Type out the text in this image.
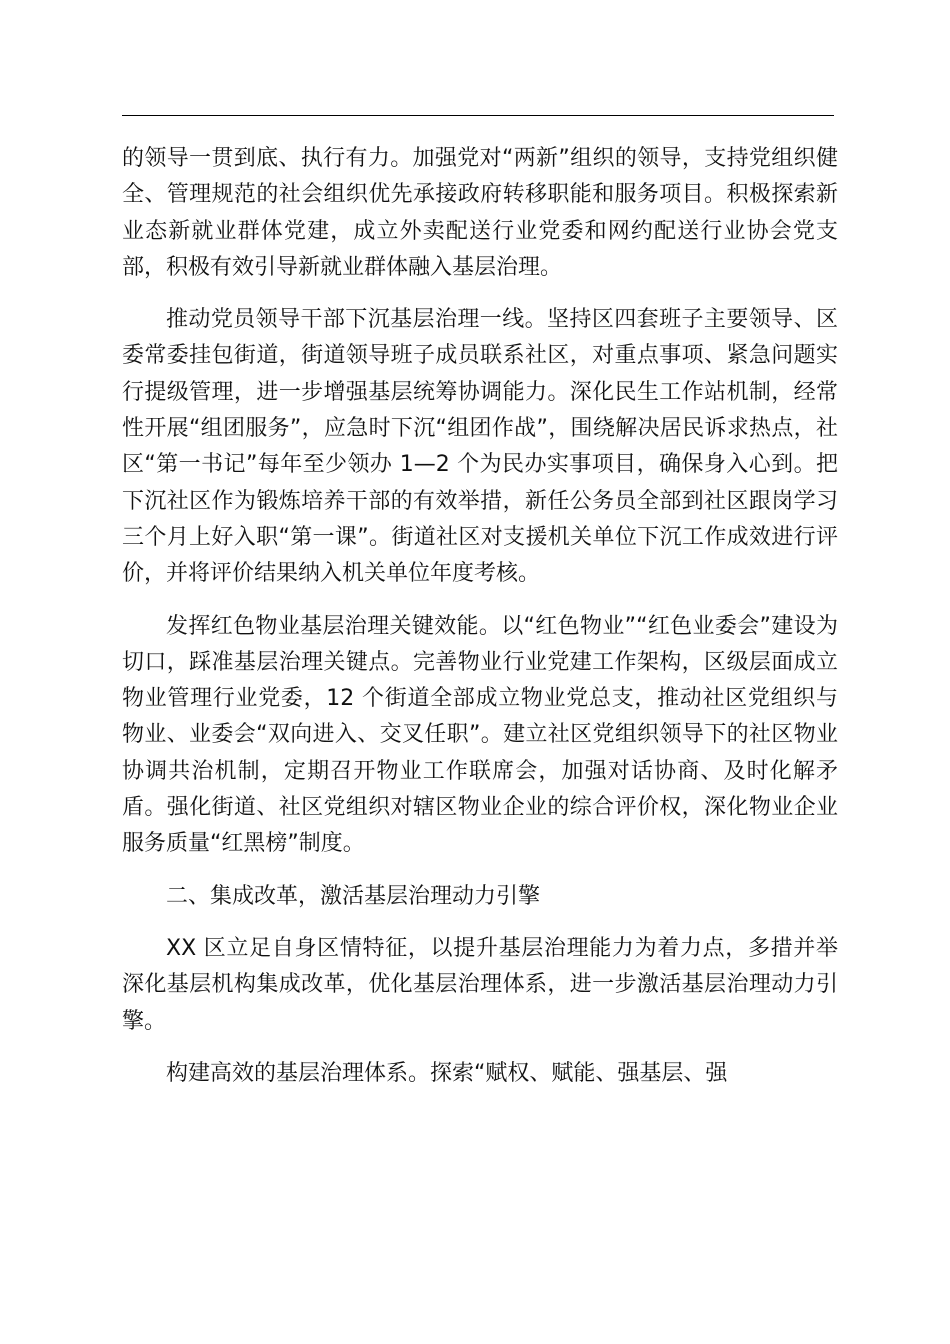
的领导一贯到底、执行有力。加强党对“两新”组织的领导，支持党组织健全、管理规范的社会组织优先承接政府转移职能和服务项目。积极探索新业态新就业群体党建，成立外卖配送行业党委和网约配送行业协会党支部，积极有效引导新就业群体融入基层治理。

推动党员领导干部下沉基层治理一线。坚持区四套班子主要领导、区委常委挂包街道，街道领导班子成员联系社区，对重点事项、紧急问题实行提级管理，进一步增强基层统筹协调能力。深化民生工作站机制，经常性开展“组团服务”，应急时下沉“组团作战”，围绕解决居民诉求热点，社区“第一书记”每年至少领办 1—2 个为民办实事项目，确保身入心到。把下沉社区作为锻炼培养干部的有效举措，新任公务员全部到社区跟岗学习三个月上好入职“第一课”。街道社区对支援机关单位下沉工作成效进行评价，并将评价结果纳入机关单位年度考核。

发挥红色物业基层治理关键效能。以“红色物业”“红色业委会”建设为切口，踩准基层治理关键点。完善物业行业党建工作架构，区级层面成立物业管理行业党委，12 个街道全部成立物业党总支，推动社区党组织与物业、业委会“双向进入、交叉任职”。建立社区党组织领导下的社区物业协调共治机制，定期召开物业工作联席会，加强对话协商、及时化解矛盾。强化街道、社区党组织对辖区物业企业的综合评价权，深化物业企业服务质量“红黑榜”制度。

二、集成改革，激活基层治理动力引擎

XX 区立足自身区情特征，以提升基层治理能力为着力点，多措并举深化基层机构集成改革，优化基层治理体系，进一步激活基层治理动力引擎。

构建高效的基层治理体系。探索“赋权、赋能、强基层、强
